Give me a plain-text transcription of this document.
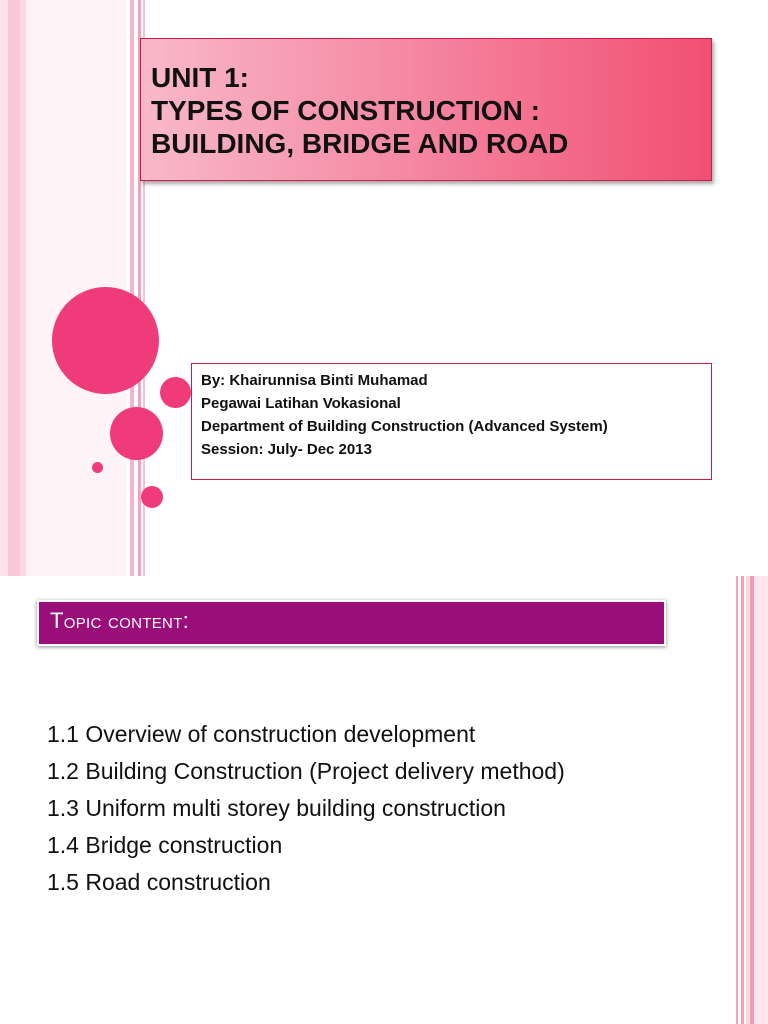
UNIT 1:
TYPES OF CONSTRUCTION :
BUILDING, BRIDGE AND ROAD
By: Khairunnisa Binti Muhamad
Pegawai Latihan Vokasional
Department of Building Construction (Advanced System)
Session: July- Dec 2013
Topic content:
1.1 Overview of construction development
1.2 Building Construction (Project delivery method)
1.3 Uniform multi storey building construction
1.4 Bridge construction
1.5 Road construction
